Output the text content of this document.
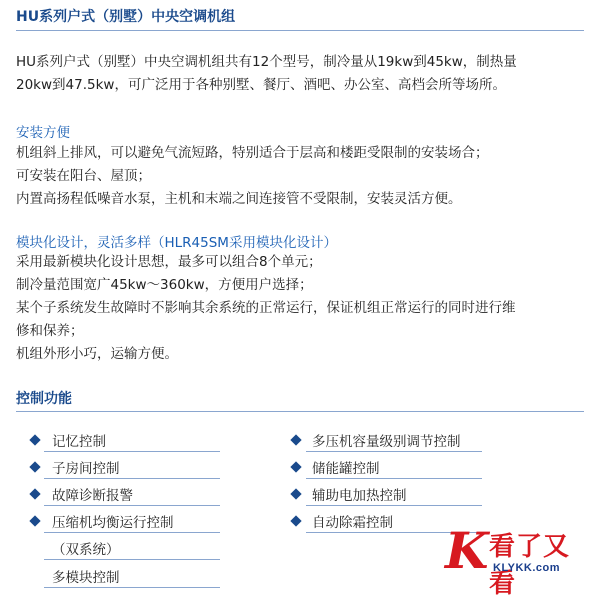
HU系列户式（别墅）中央空调机组
HU系列户式（别墅）中央空调机组共有12个型号，制冷量从19kw到45kw，制热量
20kw到47.5kw，可广泛用于各种别墅、餐厅、酒吧、办公室、高档会所等场所。
安装方便
机组斜上排风，可以避免气流短路，特别适合于层高和楼距受限制的安装场合；
可安装在阳台、屋顶；
内置高扬程低噪音水泵，主机和末端之间连接管不受限制，安装灵活方便。
模块化设计，灵活多样（HLR45SM采用模块化设计）
采用最新模块化设计思想，最多可以组合8个单元；
制冷量范围宽广45kw～360kw，方便用户选择；
某个子系统发生故障时不影响其余系统的正常运行，保证机组正常运行的同时进行维
修和保养；
机组外形小巧，运输方便。
控制功能
记忆控制
子房间控制
故障诊断报警
压缩机均衡运行控制
（双系统）
多模块控制
多压机容量级别调节控制
储能罐控制
辅助电加热控制
自动除霜控制 K 看了又看
KLYKK.com
